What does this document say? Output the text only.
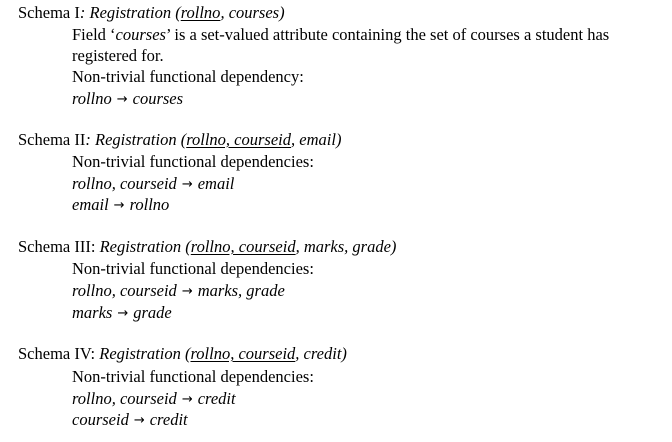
Schema I: Registration (rollno, courses)
Field ‘courses’ is a set-valued attribute containing the set of courses a student has
registered for.
Non-trivial functional dependency:
rollno → courses
Schema II: Registration (rollno, courseid, email)
Non-trivial functional dependencies:
rollno, courseid → email
email → rollno
Schema III: Registration (rollno, courseid, marks, grade)
Non-trivial functional dependencies:
rollno, courseid → marks, grade
marks → grade
Schema IV: Registration (rollno, courseid, credit)
Non-trivial functional dependencies:
rollno, courseid → credit
courseid → credit
